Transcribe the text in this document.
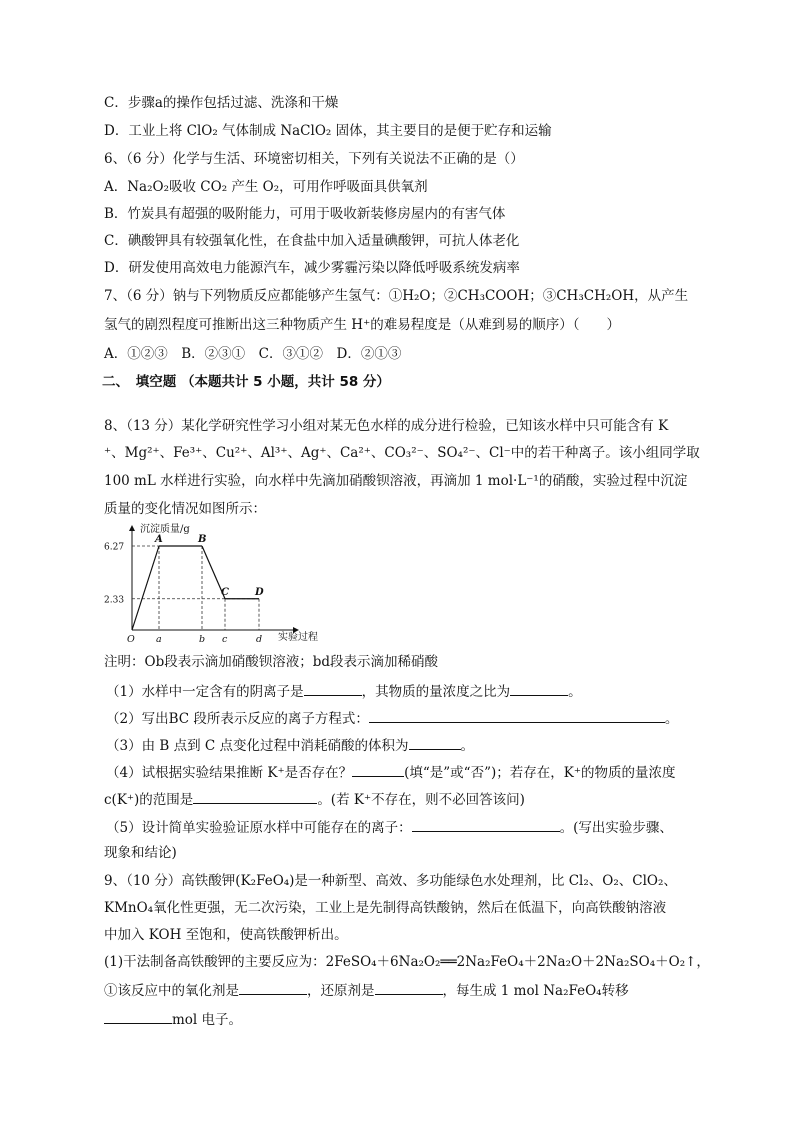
C．步骤a的操作包括过滤、洗涤和干燥
D．工业上将 ClO₂ 气体制成 NaClO₂ 固体，其主要目的是便于贮存和运输
6、（6 分）化学与生活、环境密切相关，下列有关说法不正确的是（）
A．Na₂O₂吸收 CO₂ 产生 O₂，可用作呼吸面具供氧剂
B．竹炭具有超强的吸附能力，可用于吸收新装修房屋内的有害气体
C．碘酸钾具有较强氧化性，在食盐中加入适量碘酸钾，可抗人体老化
D．研发使用高效电力能源汽车，减少雾霾污染以降低呼吸系统发病率
7、（6 分）钠与下列物质反应都能够产生氢气：①H₂O；②CH₃COOH；③CH₃CH₂OH，从产生
氢气的剧烈程度可推断出这三种物质产生 H⁺的难易程度是（从难到易的顺序）（　　）
A．①②③　B．②③①　C．③①②　D．②①③
二、　填空题 （本题共计 5 小题，共计 58 分）
8、（13 分）某化学研究性学习小组对某无色水样的成分进行检验，已知该水样中只可能含有 K
⁺、Mg²⁺、Fe³⁺、Cu²⁺、Al³⁺、Ag⁺、Ca²⁺、CO₃²⁻、SO₄²⁻、Cl⁻中的若干种离子。该小组同学取
100 mL 水样进行实验，向水样中先滴加硝酸钡溶液，再滴加 1 mol·L⁻¹的硝酸，实验过程中沉淀
质量的变化情况如图所示：
沉淀质量/g
实验过程
6.27
2.33
O a	b c	d
A	B
C	D
注明：Ob段表示滴加硝酸钡溶液；bd段表示滴加稀硝酸
（1）水样中一定含有的阴离子是	，其物质的量浓度之比为	。
（2）写出BC 段所表示反应的离子方程式：	。
（3）由 B 点到 C 点变化过程中消耗硝酸的体积为	。
（4）试根据实验结果推断 K⁺是否存在？	(填“是”或“否”)；若存在，K⁺的物质的量浓度
c(K⁺)的范围是	。(若 K⁺不存在，则不必回答该问)
（5）设计简单实验验证原水样中可能存在的离子：	。(写出实验步骤、
现象和结论)
9、（10 分）高铁酸钾(K₂FeO₄)是一种新型、高效、多功能绿色水处理剂，比 Cl₂、O₂、ClO₂、
KMnO₄氧化性更强，无二次污染，工业上是先制得高铁酸钠，然后在低温下，向高铁酸钠溶液
中加入 KOH 至饱和，使高铁酸钾析出。
(1)干法制备高铁酸钾的主要反应为：2FeSO₄＋6Na₂O₂══2Na₂FeO₄＋2Na₂O＋2Na₂SO₄＋O₂↑，
①该反应中的氧化剂是	，还原剂是	，每生成 1 mol Na₂FeO₄转移
mol 电子。
